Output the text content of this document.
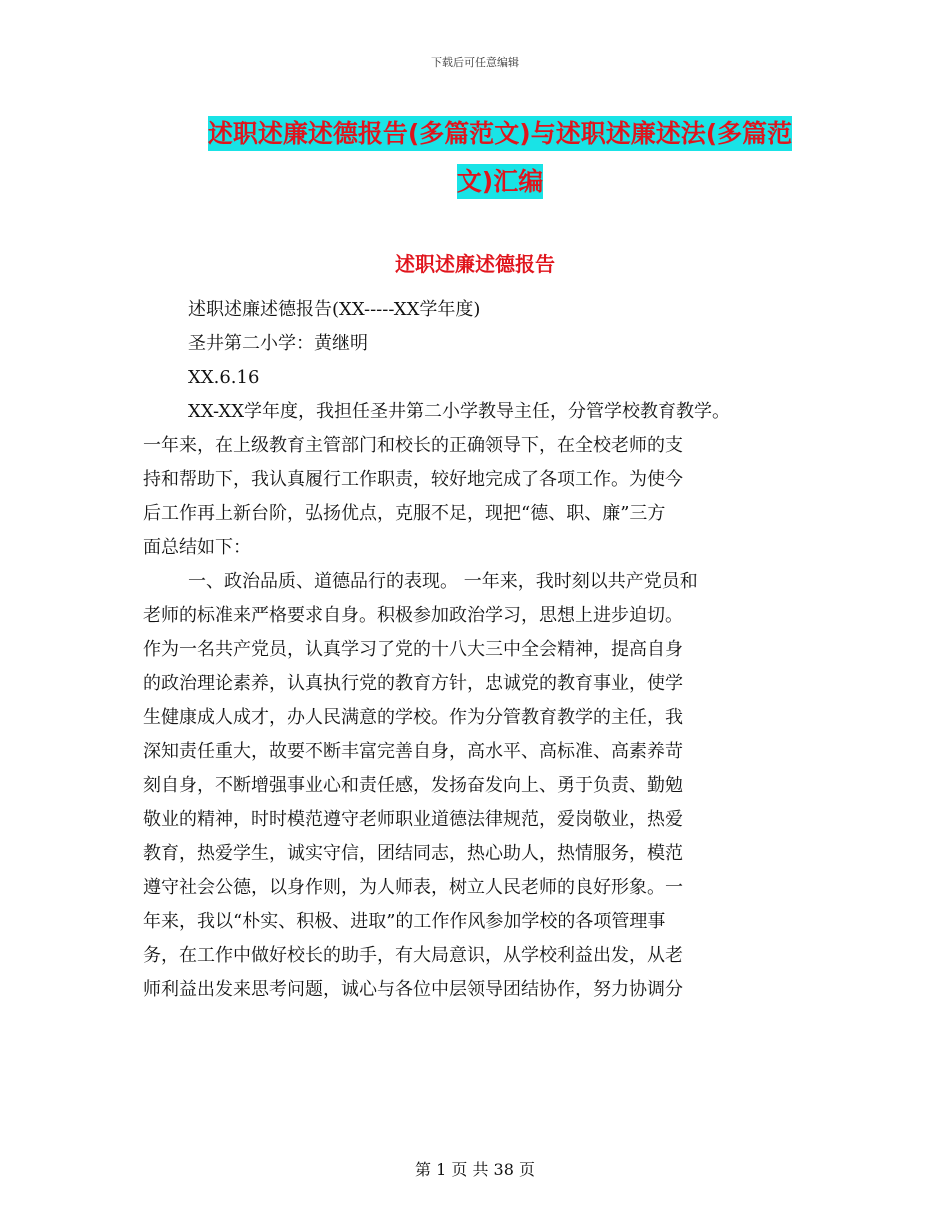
下载后可任意编辑
述职述廉述德报告(多篇范文)与述职述廉述法(多篇范
文)汇编
述职述廉述德报告
述职述廉述德报告(XX-----XX学年度)
圣井第二小学：黄继明
XX.6.16
XX-XX学年度，我担任圣井第二小学教导主任，分管学校教育教学。
一年来，在上级教育主管部门和校长的正确领导下，在全校老师的支
持和帮助下，我认真履行工作职责，较好地完成了各项工作。为使今
后工作再上新台阶，弘扬优点，克服不足，现把“德、职、廉”三方
面总结如下：
一、政治品质、道德品行的表现。 一年来，我时刻以共产党员和
老师的标准来严格要求自身。积极参加政治学习，思想上进步迫切。
作为一名共产党员，认真学习了党的十八大三中全会精神，提高自身
的政治理论素养，认真执行党的教育方针，忠诚党的教育事业，使学
生健康成人成才，办人民满意的学校。作为分管教育教学的主任，我
深知责任重大，故要不断丰富完善自身，高水平、高标准、高素养苛
刻自身，不断增强事业心和责任感，发扬奋发向上、勇于负责、勤勉
敬业的精神，时时模范遵守老师职业道德法律规范，爱岗敬业，热爱
教育，热爱学生，诚实守信，团结同志，热心助人，热情服务，模范
遵守社会公德，以身作则，为人师表，树立人民老师的良好形象。一
年来，我以“朴实、积极、进取”的工作作风参加学校的各项管理事
务，在工作中做好校长的助手，有大局意识，从学校利益出发，从老
师利益出发来思考问题，诚心与各位中层领导团结协作，努力协调分
第 1 页 共 38 页
